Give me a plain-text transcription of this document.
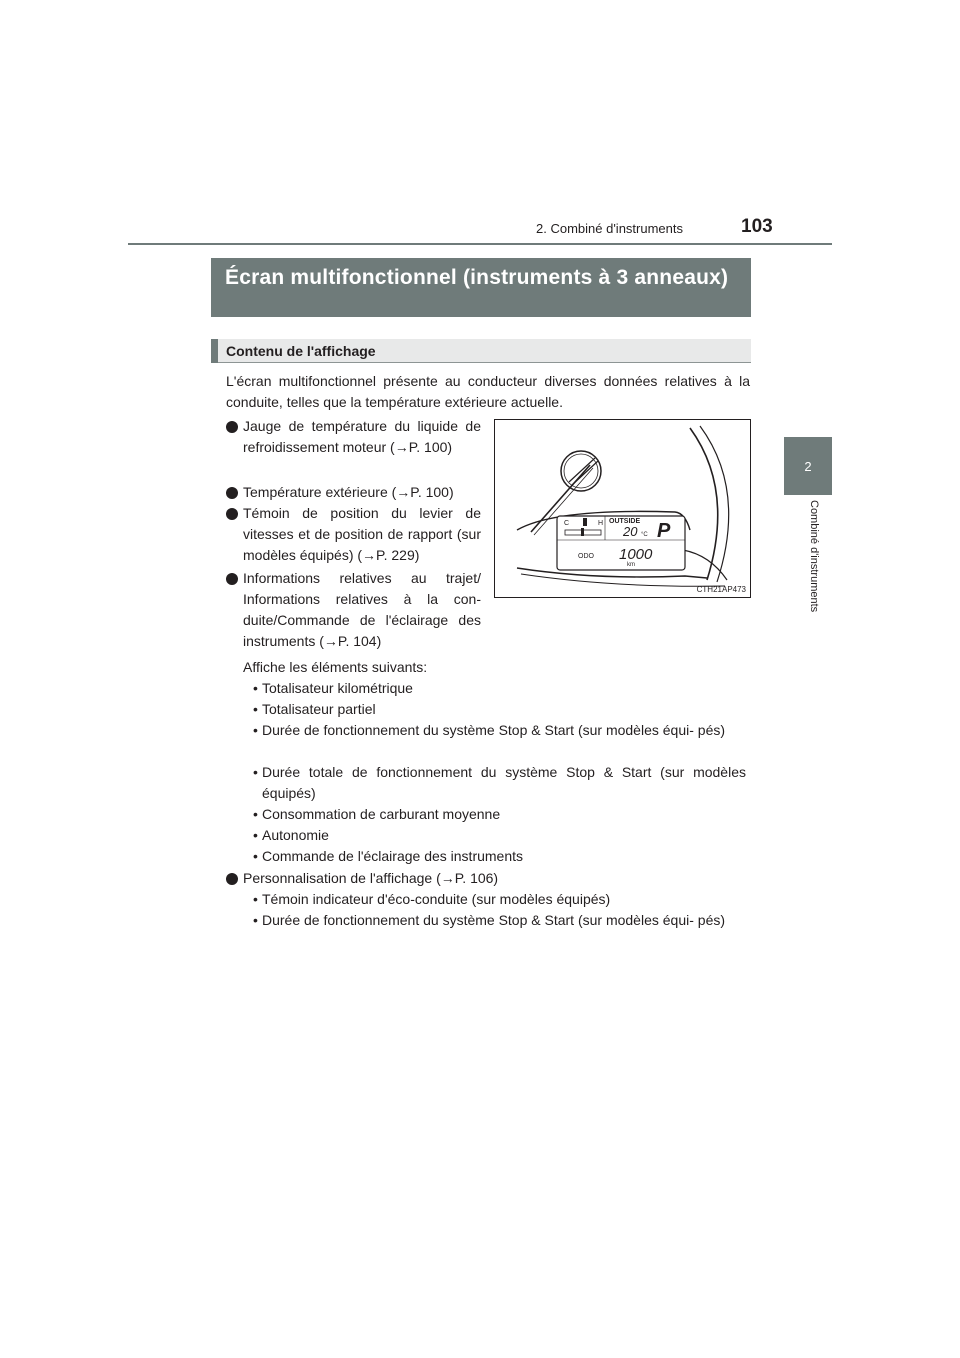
2. Combiné d'instruments	103
2
Combiné d'instruments
Écran multifonctionnel (instruments à 3 anneaux)
Contenu de l'affichage
L'écran multifonctionnel présente au conducteur diverses données relatives à la conduite, telles que la température extérieure actuelle.
Jauge de température du liquide de refroidissement moteur (→P. 100)
Température extérieure (→P. 100)
Témoin de position du levier de vitesses et de position de rapport (sur modèles équipés) (→P. 229)
Informations relatives au trajet/ Informations relatives à la con- duite/Commande de l'éclairage des instruments (→P. 104)
Affiche les éléments suivants:
• Totalisateur kilométrique
• Totalisateur partiel
• Durée de fonctionnement du système Stop & Start (sur modèles équi- pés)
• Durée totale de fonctionnement du système Stop & Start (sur modèles équipés)
• Consommation de carburant moyenne
• Autonomie
• Commande de l'éclairage des instruments
Personnalisation de l'affichage (→P. 106)
• Témoin indicateur d'éco-conduite (sur modèles équipés)
• Durée de fonctionnement du système Stop & Start (sur modèles équi- pés)
C	H OUTSIDE
20 °C P
ODO 1000
km
CTH21AP473
